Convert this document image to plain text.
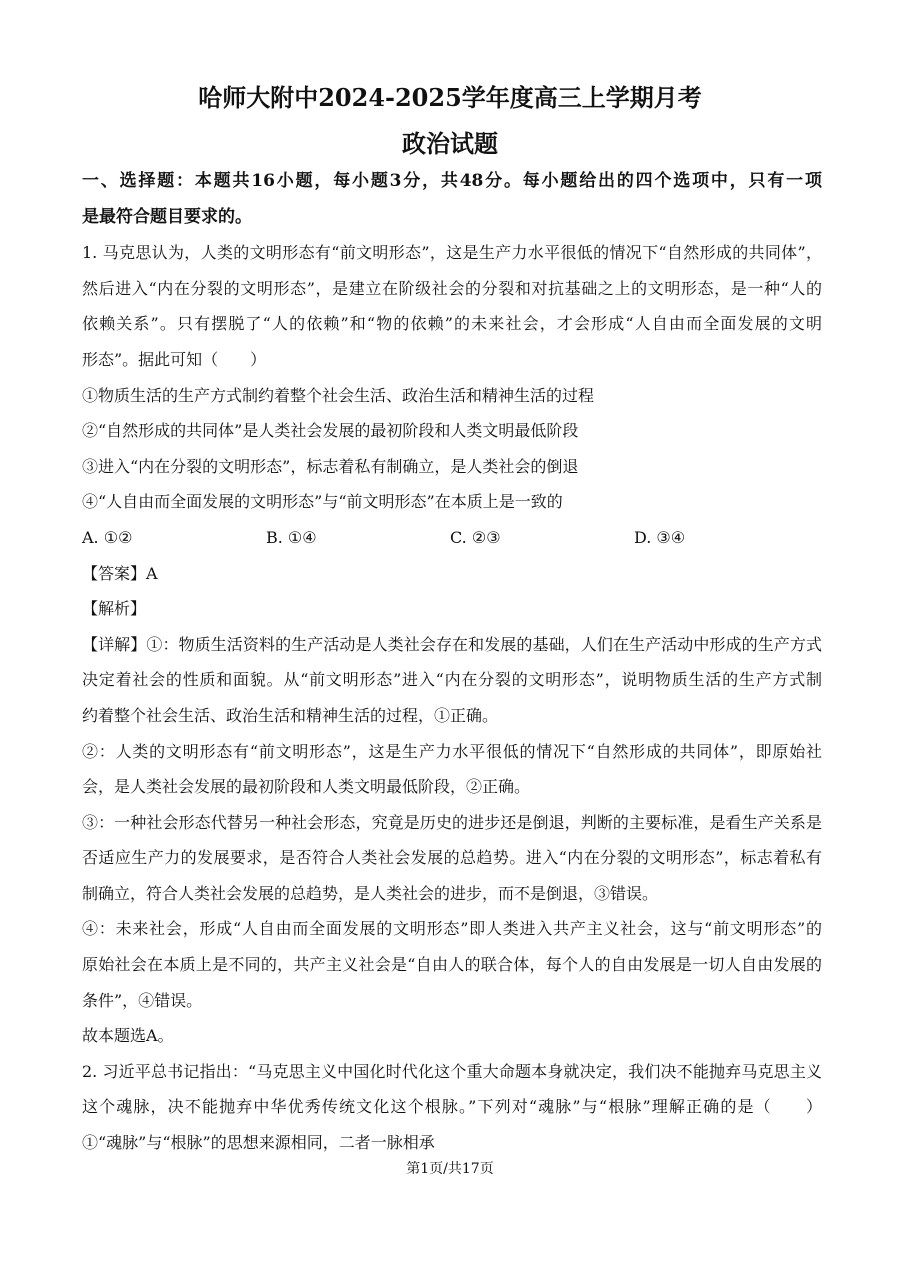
哈师大附中2024-2025学年度高三上学期月考
政治试题

一、选择题：本题共16小题，每小题3分，共48分。每小题给出的四个选项中，只有一项

是最符合题目要求的。

1. 马克思认为，人类的文明形态有“前文明形态”，这是生产力水平很低的情况下“自然形成的共同体”，

然后进入“内在分裂的文明形态”，是建立在阶级社会的分裂和对抗基础之上的文明形态，是一种“人的

依赖关系”。只有摆脱了“人的依赖”和“物的依赖”的未来社会，才会形成“人自由而全面发展的文明

形态”。据此可知（　　）

①物质生活的生产方式制约着整个社会生活、政治生活和精神生活的过程

②“自然形成的共同体”是人类社会发展的最初阶段和人类文明最低阶段

③进入“内在分裂的文明形态”，标志着私有制确立，是人类社会的倒退

④“人自由而全面发展的文明形态”与“前文明形态”在本质上是一致的

A. ①②	B. ①④	C. ②③	D. ③④

【答案】A

【解析】

【详解】①：物质生活资料的生产活动是人类社会存在和发展的基础，人们在生产活动中形成的生产方式

决定着社会的性质和面貌。从“前文明形态”进入“内在分裂的文明形态”，说明物质生活的生产方式制

约着整个社会生活、政治生活和精神生活的过程，①正确。

②：人类的文明形态有“前文明形态”，这是生产力水平很低的情况下“自然形成的共同体”，即原始社

会，是人类社会发展的最初阶段和人类文明最低阶段，②正确。

③：一种社会形态代替另一种社会形态，究竟是历史的进步还是倒退，判断的主要标准，是看生产关系是

否适应生产力的发展要求，是否符合人类社会发展的总趋势。进入“内在分裂的文明形态”，标志着私有

制确立，符合人类社会发展的总趋势，是人类社会的进步，而不是倒退，③错误。

④：未来社会，形成“人自由而全面发展的文明形态”即人类进入共产主义社会，这与“前文明形态”的

原始社会在本质上是不同的，共产主义社会是“自由人的联合体，每个人的自由发展是一切人自由发展的

条件”，④错误。

故本题选A。

2. 习近平总书记指出：“马克思主义中国化时代化这个重大命题本身就决定，我们决不能抛弃马克思主义

这个魂脉，决不能抛弃中华优秀传统文化这个根脉。”下列对“魂脉”与“根脉”理解正确的是（　　）

①“魂脉”与“根脉”的思想来源相同，二者一脉相承

第1页/共17页
